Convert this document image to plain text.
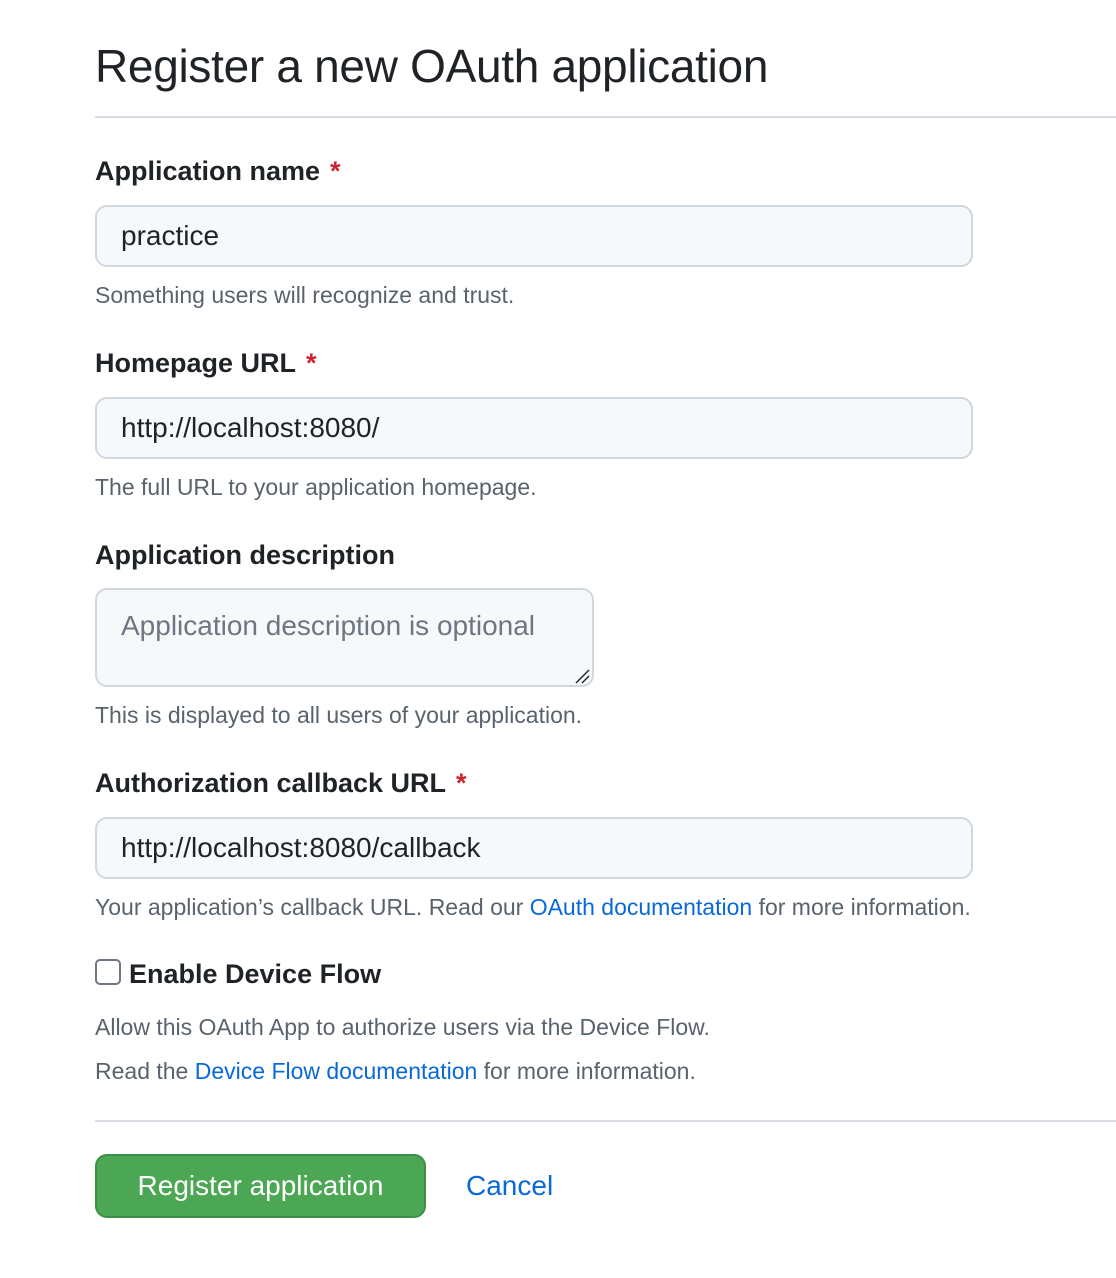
Register a new OAuth application
Application name *
practice
Something users will recognize and trust.
Homepage URL *
http://localhost:8080/
The full URL to your application homepage.
Application description
Application description is optional
This is displayed to all users of your application.
Authorization callback URL *
http://localhost:8080/callback
Your application’s callback URL. Read our OAuth documentation for more information.
Enable Device Flow
Allow this OAuth App to authorize users via the Device Flow.
Read the Device Flow documentation for more information.
Register application	Cancel
